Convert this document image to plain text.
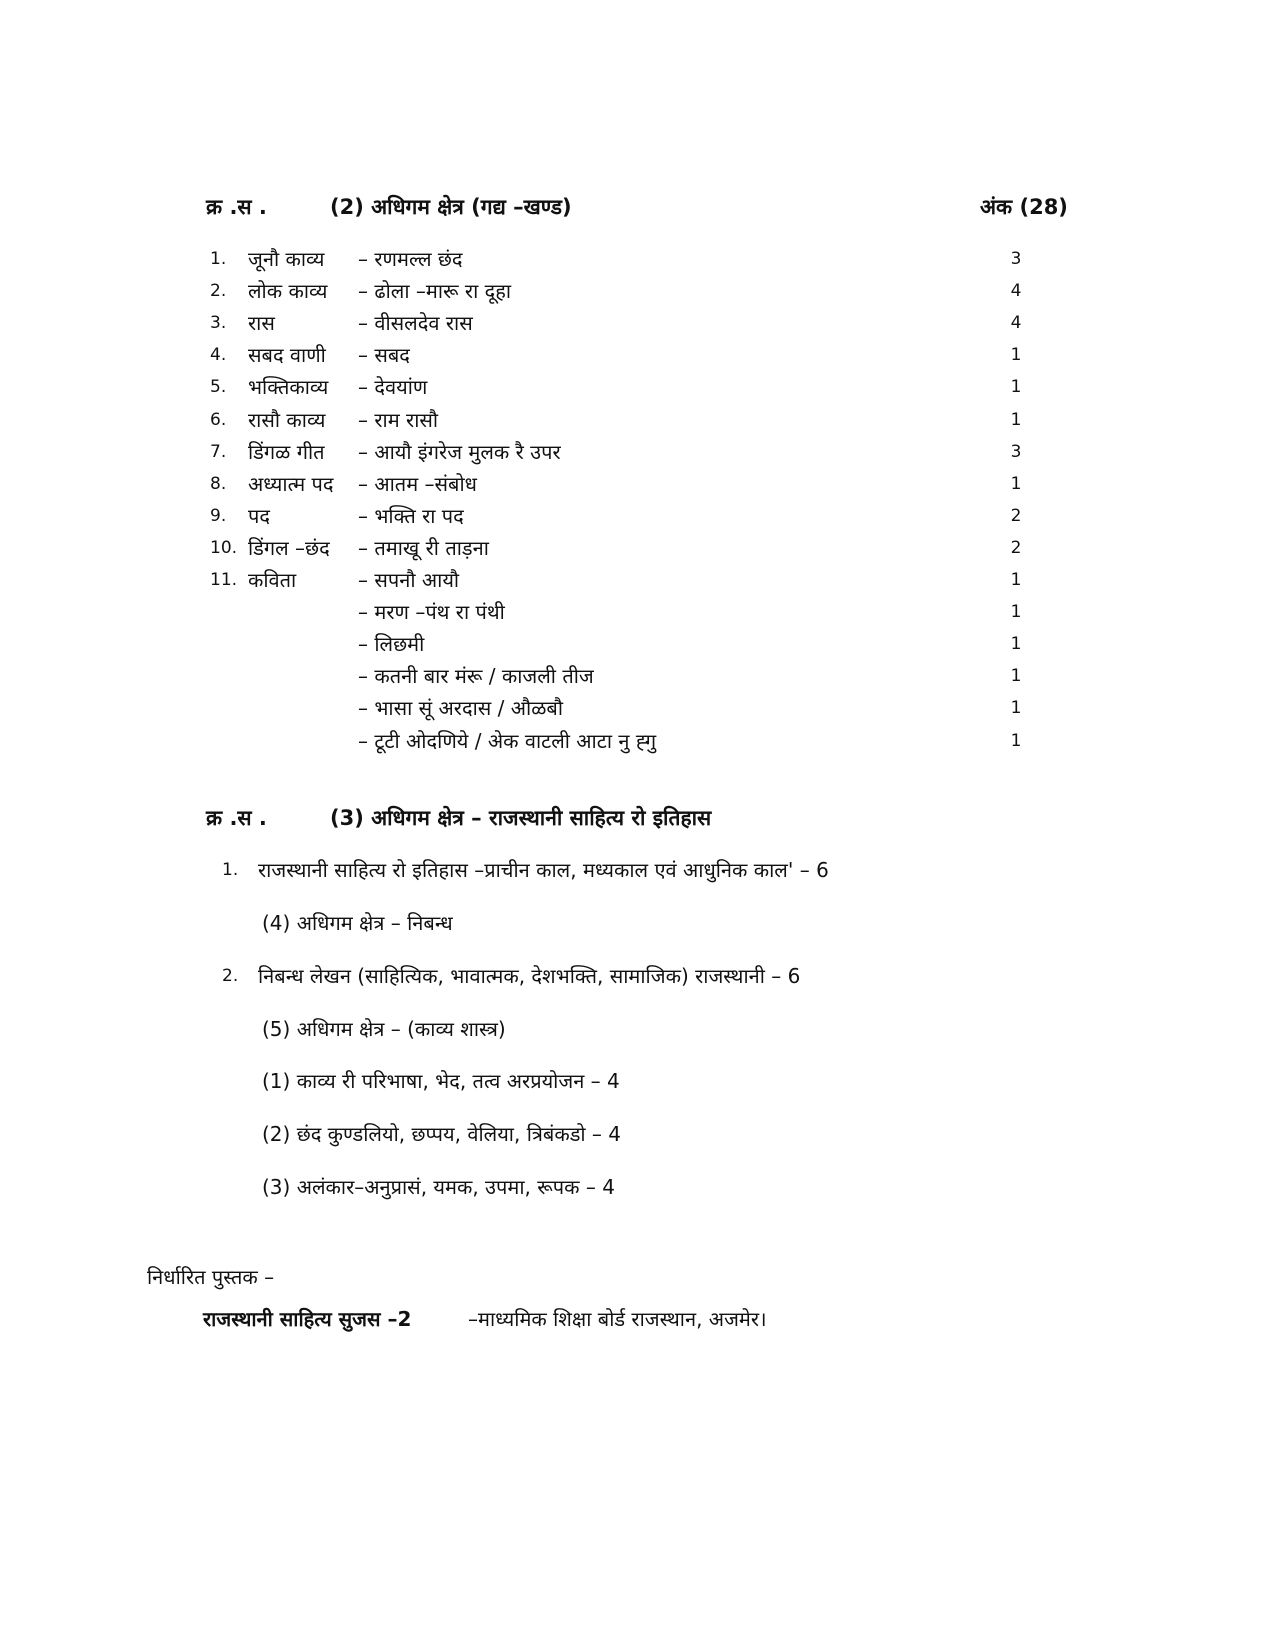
क्र .स .	(2) अधिगम क्षेत्र (गद्य –खण्ड)	अंक (28)
1. जूनौ काव्य – रणमल्ल छंद	3
2. लोक काव्य – ढोला –मारू रा दूहा	4
3. रास	– वीसलदेव रास	4
4. सबद वाणी – सबद	1
5. भक्तिकाव्य – देवयांण	1
6. रासौ काव्य – राम रासौ	1
7. डिंगळ गीत – आयौ इंगरेज मुलक रै उपर	3
8. अध्यात्म पद – आतम –संबोध	1
9. पद	– भक्ति रा पद	2
10. डिंगल –छंद – तमाखू री ताड़ना	2
11. कविता	– सपनौ आयौ	1
– मरण –पंथ रा पंथी	1
– लिछमी	1
– कतनी बार मंरू / काजली तीज	1
– भासा सूं अरदास / औळबौ	1
– टूटी ओदणिये / अेक वाटली आटा नु ह्गु	1
क्र .स .	(3) अधिगम क्षेत्र – राजस्थानी साहित्य रो इतिहास
1. राजस्थानी साहित्य रो इतिहास –प्राचीन काल, मध्यकाल एवं आधुनिक काल' – 6
(4) अधिगम क्षेत्र – निबन्ध
2. निबन्ध लेखन (साहित्यिक, भावात्मक, देशभक्ति, सामाजिक) राजस्थानी – 6
(5) अधिगम क्षेत्र – (काव्य शास्त्र)
(1) काव्य री परिभाषा, भेद, तत्व अरप्रयोजन – 4
(2) छंद कुण्डलियो, छप्पय, वेलिया, त्रिबंकडो – 4
(3) अलंकार–अनुप्रासं, यमक, उपमा, रूपक – 4
निर्धारित पुस्तक –
राजस्थानी साहित्य सुजस –2	–माध्यमिक शिक्षा बोर्ड राजस्थान, अजमेर।
